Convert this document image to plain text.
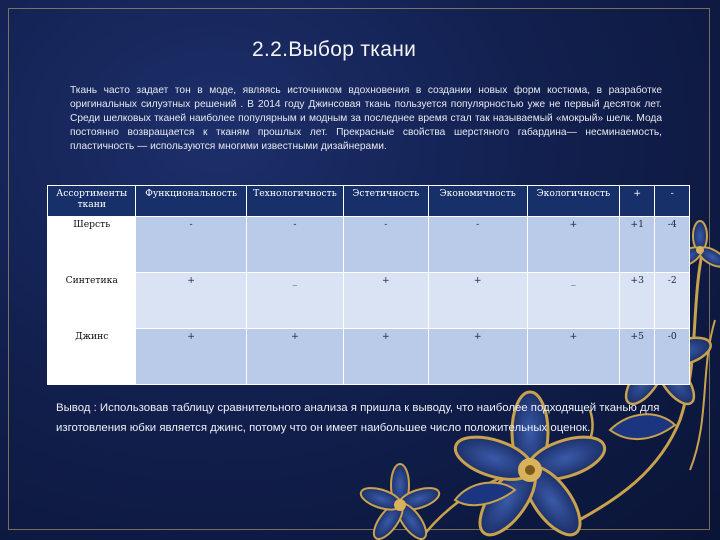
2.2.Выбор ткани
Ткань часто задает тон в моде, являясь источником вдохновения в создании новых форм костюма, в разработке оригинальных силуэтных решений . В 2014 году Джинсовая ткань пользуется популярностью уже не первый десяток лет. Среди шелковых тканей наиболее популярным и модным за последнее время стал так называемый «мокрый» шелк. Мода постоянно возвращается к тканям прошлых лет. Прекрасные свойства шерстяного габардина— несминаемость, пластичность — используются многими известными дизайнерами.
Ассортименты ткани	Функциональность	Технологичность	Эстетичность	Экономичность	Экологичность	+	-
Шерсть	-	-	-	-	+	+1	-4
Синтетика	+	_	+	+	_	+3	-2
Джинс	+	+	+	+	+	+5	-0
Вывод : Использовав таблицу сравнительного анализа я пришла к выводу, что наиболее подходящей тканью для изготовления юбки является джинс, потому что он имеет наибольшее число положительных оценок.
